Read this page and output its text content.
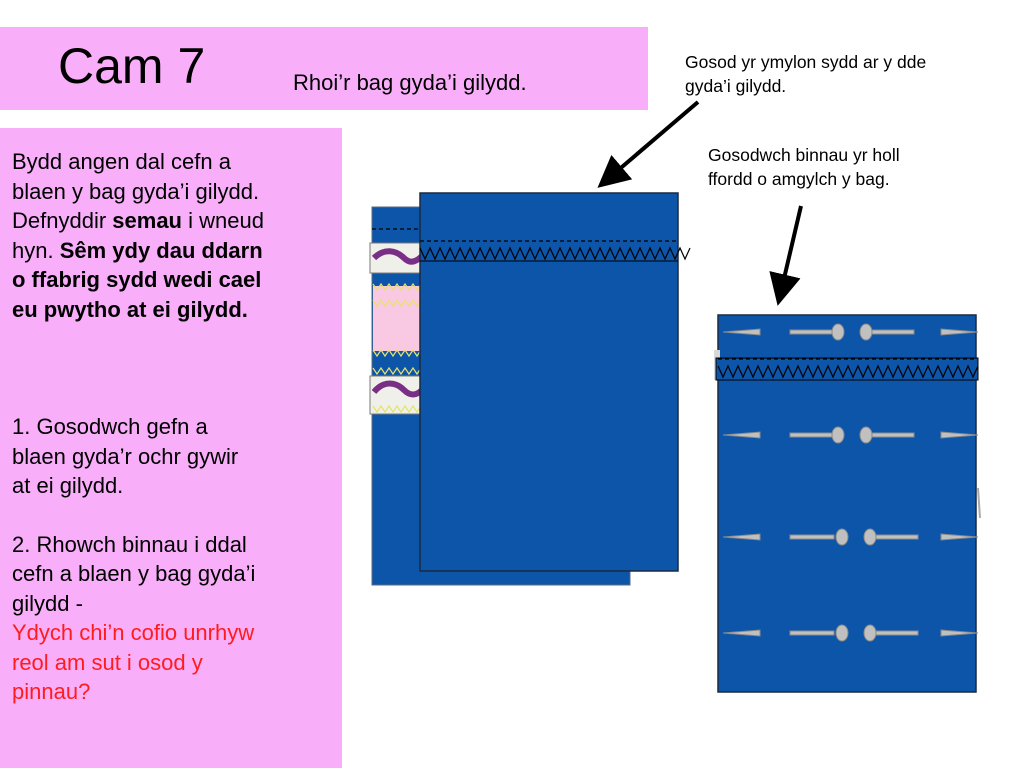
Cam 7	Rhoi’r bag gyda’i gilydd.

Bydd angen dal cefn a

blaen y bag gyda’i gilydd.

Defnyddir semau i wneud

hyn. Sêm ydy dau ddarn

o ffabrig sydd wedi cael

eu pwytho at ei gilydd.

1. Gosodwch gefn a

blaen gyda’r ochr gywir

at ei gilydd.

2. Rhowch binnau i ddal

cefn a blaen y bag gyda’i

gilydd -

Ydych chi’n cofio unrhyw

reol am sut i osod y

pinnau?

Gosod yr ymylon sydd ar y dde
gyda’i gilydd.
Gosodwch binnau yr holl
ffordd o amgylch y bag.
